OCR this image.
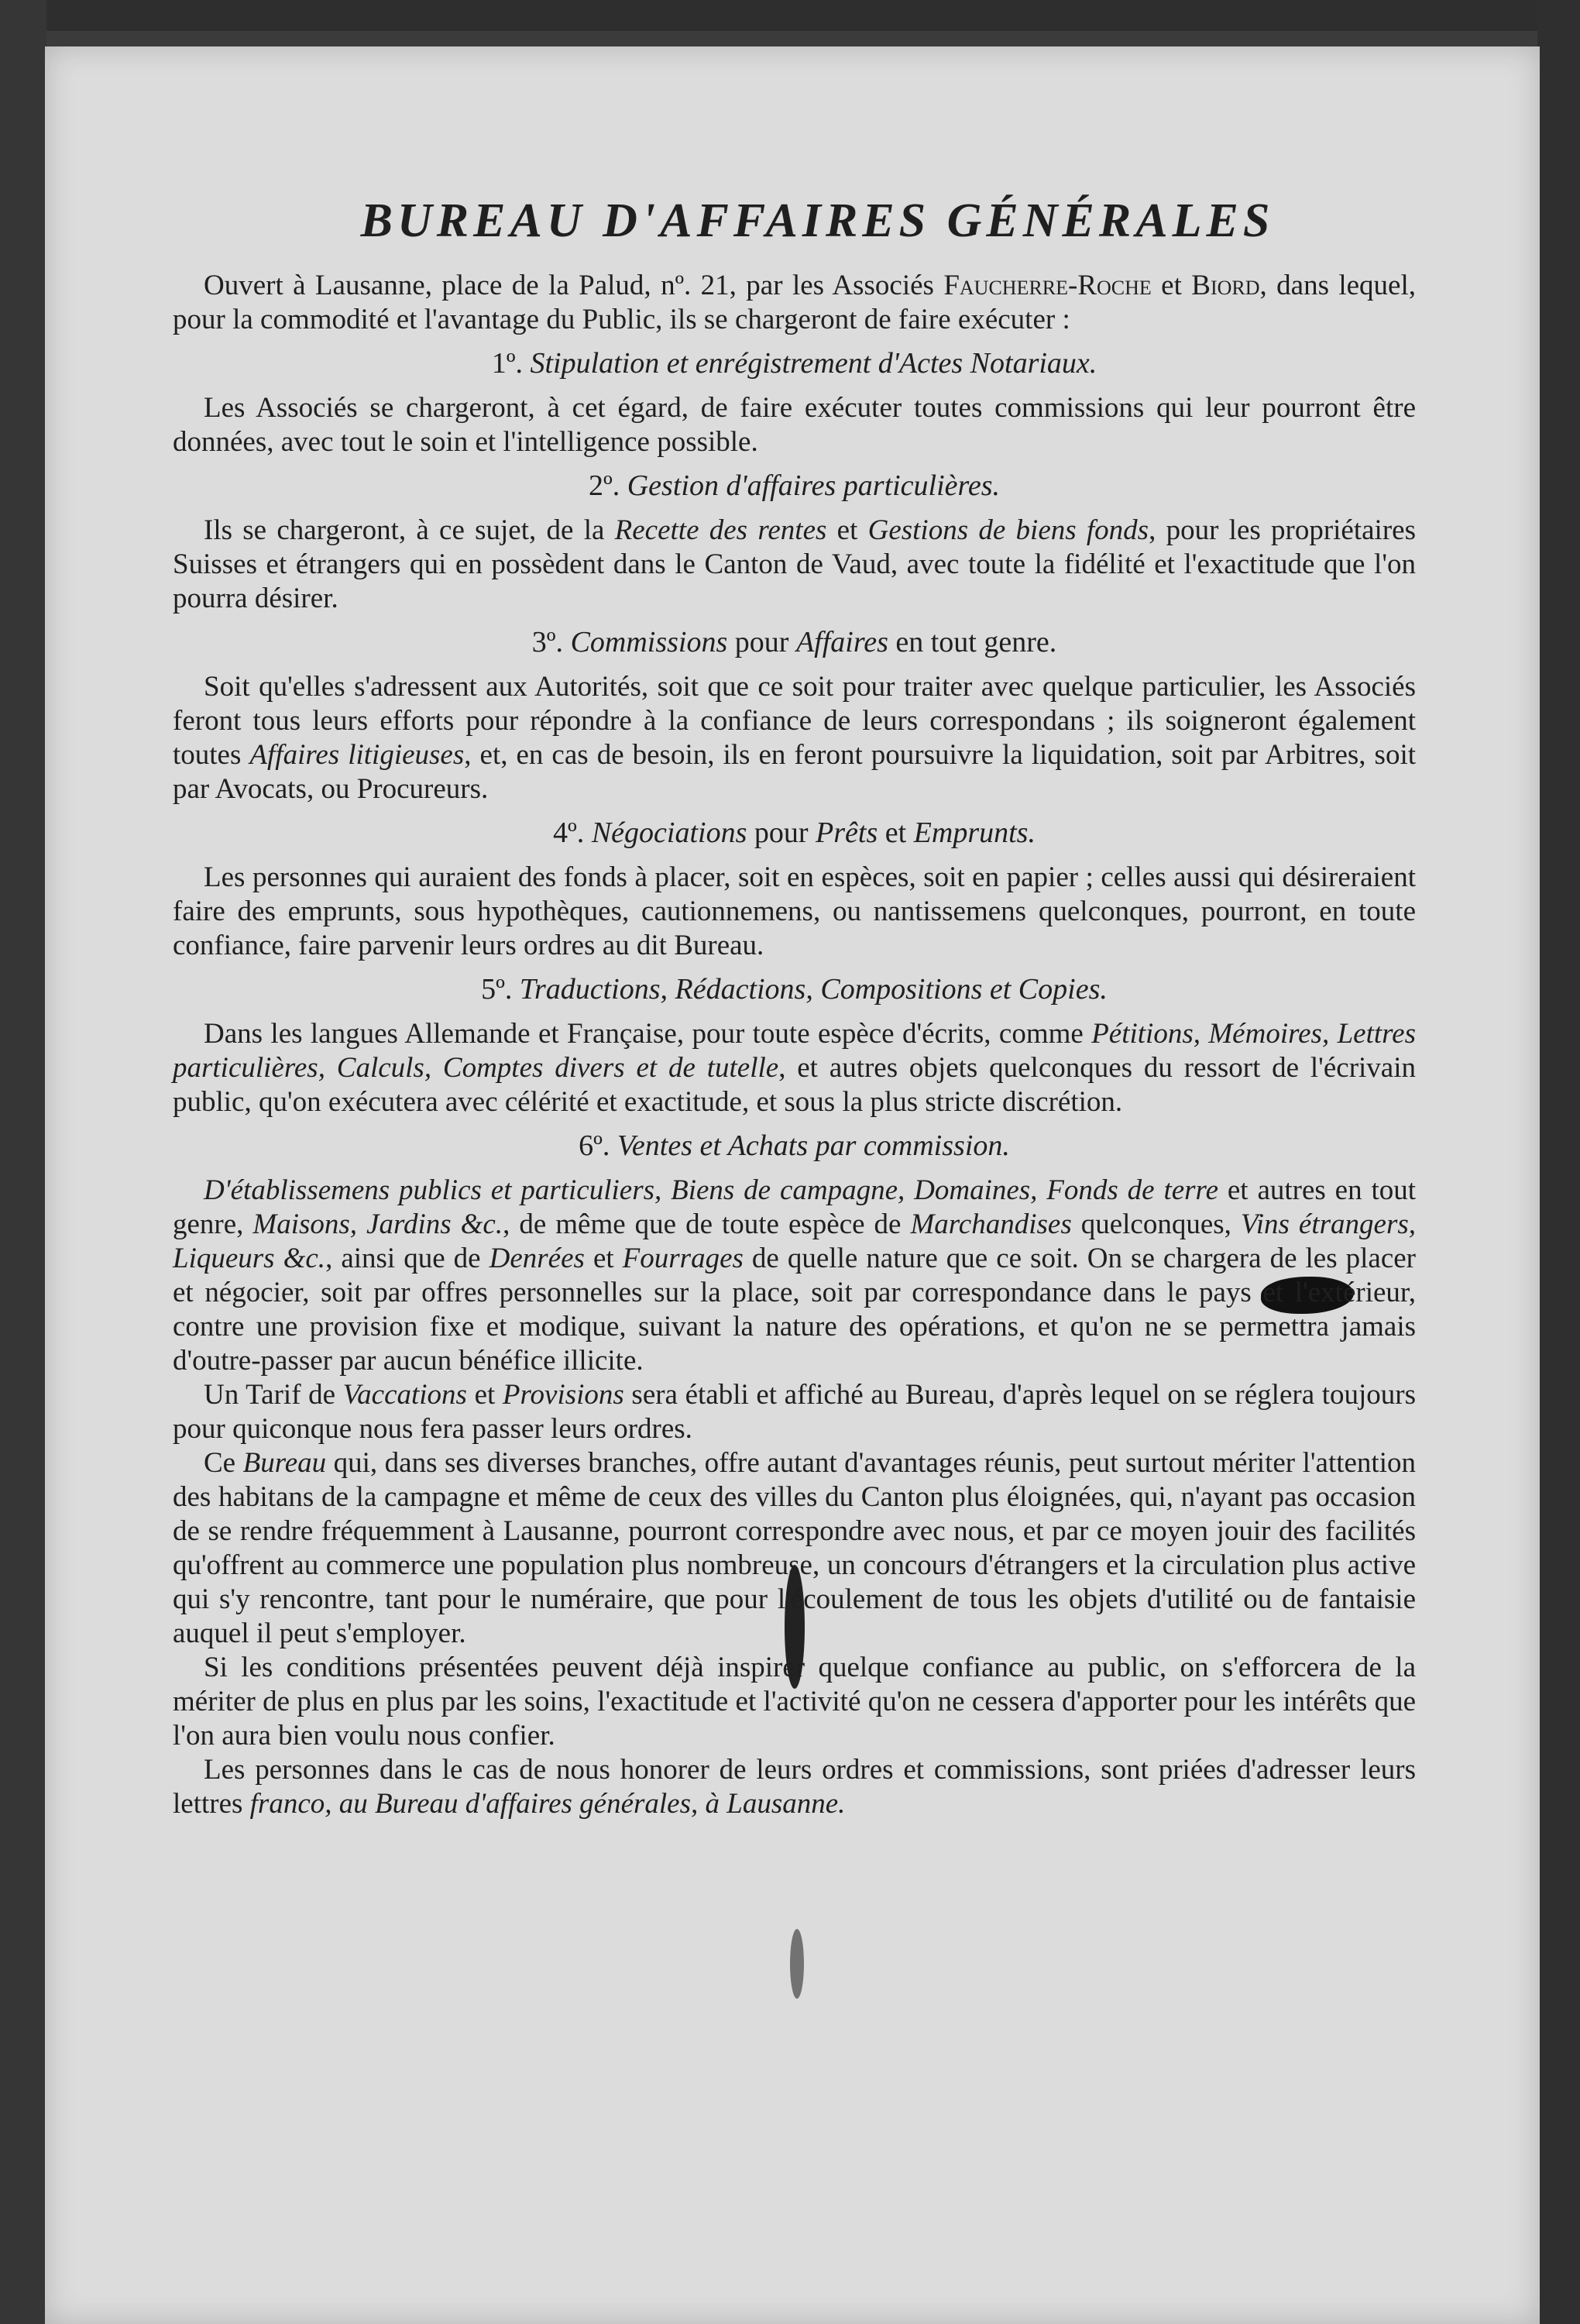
BUREAU D'AFFAIRES GÉNÉRALES

Ouvert à Lausanne, place de la Palud, nº. 21, par les Associés Faucherre-Roche et Biord, dans lequel, pour la commodité et l'avantage du Public, ils se chargeront de faire exécuter :

1º. Stipulation et enrégistrement d'Actes Notariaux.

Les Associés se chargeront, à cet égard, de faire exécuter toutes commissions qui leur pourront être données, avec tout le soin et l'intelligence possible.

2º. Gestion d'affaires particulières.

Ils se chargeront, à ce sujet, de la Recette des rentes et Gestions de biens fonds, pour les propriétaires Suisses et étrangers qui en possèdent dans le Canton de Vaud, avec toute la fidélité et l'exactitude que l'on pourra désirer.

3º. Commissions pour Affaires en tout genre.

Soit qu'elles s'adressent aux Autorités, soit que ce soit pour traiter avec quelque particulier, les Associés feront tous leurs efforts pour répondre à la confiance de leurs correspondans ; ils soigneront également toutes Affaires litigieuses, et, en cas de besoin, ils en feront poursuivre la liquidation, soit par Arbitres, soit par Avocats, ou Procureurs.

4º. Négociations pour Prêts et Emprunts.

Les personnes qui auraient des fonds à placer, soit en espèces, soit en papier ; celles aussi qui désireraient faire des emprunts, sous hypothèques, cautionnemens, ou nantissemens quelconques, pourront, en toute confiance, faire parvenir leurs ordres au dit Bureau.

5º. Traductions, Rédactions, Compositions et Copies.

Dans les langues Allemande et Française, pour toute espèce d'écrits, comme Pétitions, Mémoires, Lettres particulières, Calculs, Comptes divers et de tutelle, et autres objets quelconques du ressort de l'écrivain public, qu'on exécutera avec célérité et exactitude, et sous la plus stricte discrétion.

6º. Ventes et Achats par commission.

D'établissemens publics et particuliers, Biens de campagne, Domaines, Fonds de terre et autres en tout genre, Maisons, Jardins &c., de même que de toute espèce de Marchandises quelconques, Vins étrangers, Liqueurs &c., ainsi que de Denrées et Fourrages de quelle nature que ce soit. On se chargera de les placer et négocier, soit par offres personnelles sur la place, soit par correspondance dans le pays et l'extérieur, contre une provision fixe et modique, suivant la nature des opérations, et qu'on ne se permettra jamais d'outre-passer par aucun bénéfice illicite.

Un Tarif de Vaccations et Provisions sera établi et affiché au Bureau, d'après lequel on se réglera toujours pour quiconque nous fera passer leurs ordres.

Ce Bureau qui, dans ses diverses branches, offre autant d'avantages réunis, peut surtout mériter l'attention des habitans de la campagne et même de ceux des villes du Canton plus éloignées, qui, n'ayant pas occasion de se rendre fréquemment à Lausanne, pourront correspondre avec nous, et par ce moyen jouir des facilités qu'offrent au commerce une population plus nombreuse, un concours d'étrangers et la circulation plus active qui s'y rencontre, tant pour le numéraire, que pour l'écoulement de tous les objets d'utilité ou de fantaisie auquel il peut s'employer.

Si les conditions présentées peuvent déjà inspirer quelque confiance au public, on s'efforcera de la mériter de plus en plus par les soins, l'exactitude et l'activité qu'on ne cessera d'apporter pour les intérêts que l'on aura bien voulu nous confier.

Les personnes dans le cas de nous honorer de leurs ordres et commissions, sont priées d'adresser leurs lettres franco, au Bureau d'affaires générales, à Lausanne.
